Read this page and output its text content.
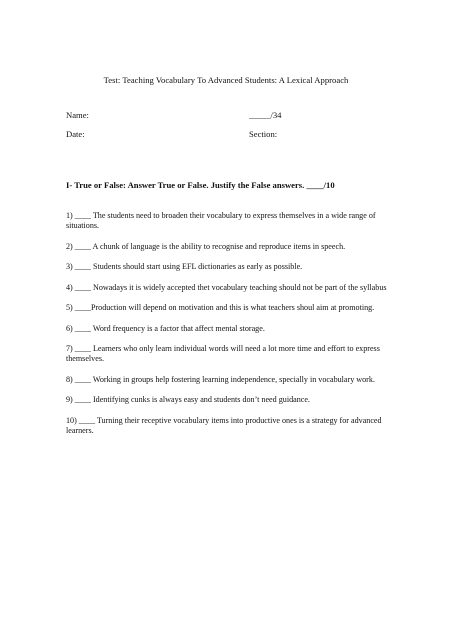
Test: Teaching Vocabulary To Advanced Students: A Lexical Approach
Name:	_____/34
Date:	Section:
I- True or False: Answer True or False. Justify the False answers. ____/10

1) ____ The students need to broaden their vocabulary to express themselves in a wide range of situations.

2) ____ A chunk of language is the ability to recognise and reproduce items in speech.

3) ____ Students should start using EFL dictionaries as early as possible.

4) ____ Nowadays it is widely accepted thet vocabulary teaching should not be part of the syllabus

5) ____Production will depend on motivation and this is what teachers shoul aim at promoting.

6) ____ Word frequency is a factor that affect mental storage.

7) ____ Learners who only learn individual words will need a lot more time and effort to express themselves.

8) ____ Working in groups help fostering learning independence, specially in vocabulary work.

9) ____ Identifying cunks is always easy and students don’t need guidance.

10) ____ Turning their receptive vocabulary items into productive ones is a strategy for advanced learners.
